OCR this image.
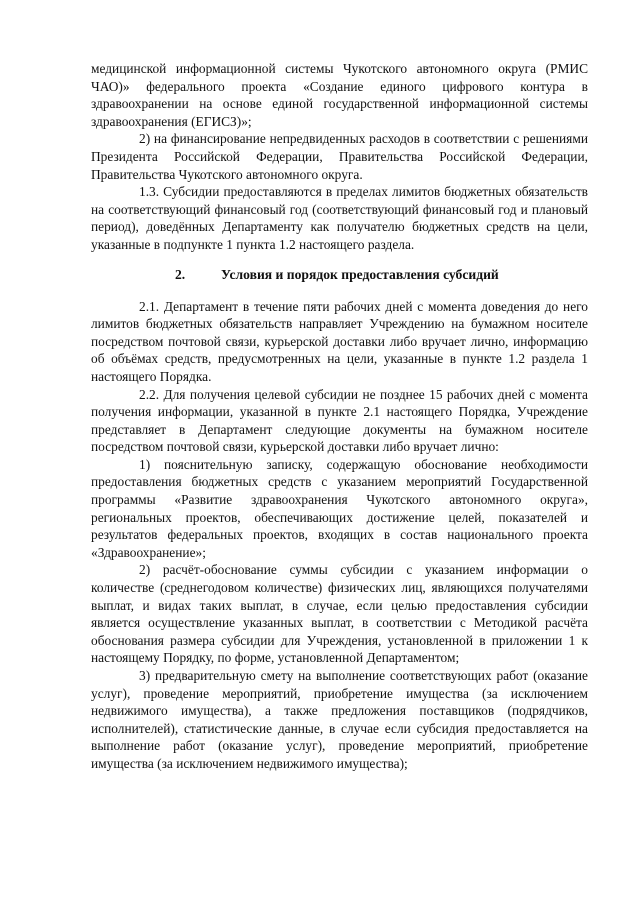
медицинской информационной системы Чукотского автономного округа (РМИС ЧАО)» федерального проекта «Создание единого цифрового контура в здравоохранении на основе единой государственной информационной системы здравоохранения (ЕГИСЗ)»;

2) на финансирование непредвиденных расходов в соответствии с решениями Президента Российской Федерации, Правительства Российской Федерации, Правительства Чукотского автономного округа.

1.3. Субсидии предоставляются в пределах лимитов бюджетных обязательств на соответствующий финансовый год (соответствующий финансовый год и плановый период), доведённых Департаменту как получателю бюджетных средств на цели, указанные в подпункте 1 пункта 1.2 настоящего раздела.

2.	Условия и порядок предоставления субсидий

2.1. Департамент в течение пяти рабочих дней с момента доведения до него лимитов бюджетных обязательств направляет Учреждению на бумажном носителе посредством почтовой связи, курьерской доставки либо вручает лично, информацию об объёмах средств, предусмотренных на цели, указанные в пункте 1.2 раздела 1 настоящего Порядка.

2.2. Для получения целевой субсидии не позднее 15 рабочих дней с момента получения информации, указанной в пункте 2.1 настоящего Порядка, Учреждение представляет в Департамент следующие документы на бумажном носителе посредством почтовой связи, курьерской доставки либо вручает лично:

1) пояснительную записку, содержащую обоснование необходимости предоставления бюджетных средств с указанием мероприятий Государственной программы «Развитие здравоохранения Чукотского автономного округа», региональных проектов, обеспечивающих достижение целей, показателей и результатов федеральных проектов, входящих в состав национального проекта «Здравоохранение»;

2) расчёт-обоснование суммы субсидии с указанием информации о количестве (среднегодовом количестве) физических лиц, являющихся получателями выплат, и видах таких выплат, в случае, если целью предоставления субсидии является осуществление указанных выплат, в соответствии с Методикой расчёта обоснования размера субсидии для Учреждения, установленной в приложении 1 к настоящему Порядку, по форме, установленной Департаментом;

3) предварительную смету на выполнение соответствующих работ (оказание услуг), проведение мероприятий, приобретение имущества (за исключением недвижимого имущества), а также предложения поставщиков (подрядчиков, исполнителей), статистические данные, в случае если субсидия предоставляется на выполнение работ (оказание услуг), проведение мероприятий, приобретение имущества (за исключением недвижимого имущества);
